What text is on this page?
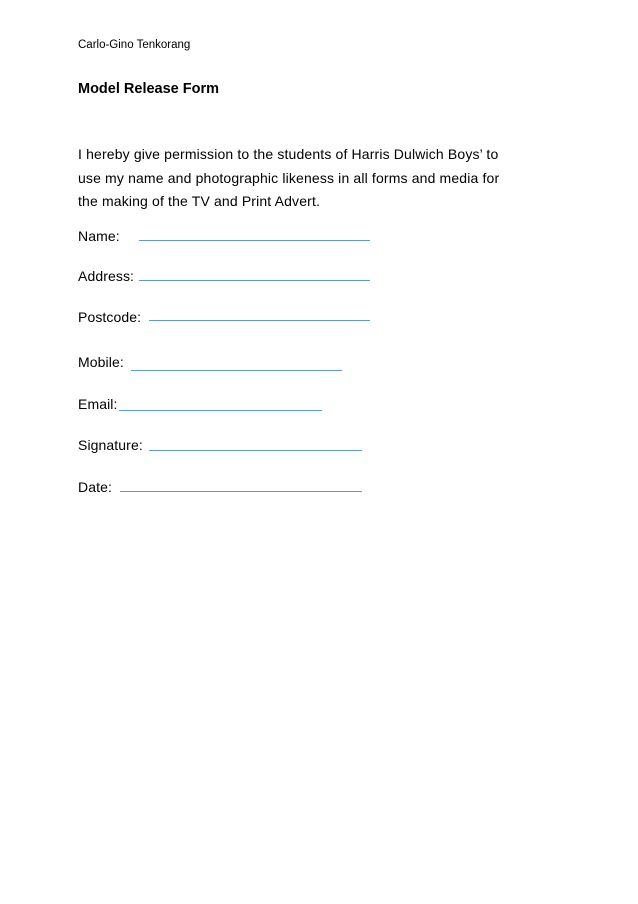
Carlo-Gino Tenkorang
Model Release Form
I hereby give permission to the students of Harris Dulwich Boys’ to
use my name and photographic likeness in all forms and media for
the making of the TV and Print Advert.
Name:
Address:
Postcode:
Mobile:
Email:
Signature:
Date:
